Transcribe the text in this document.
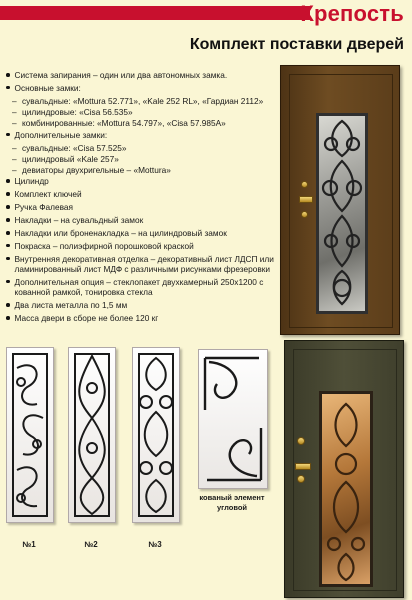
Крепость
Комплект поставки дверей
Система запирания – один или два автономных замка.
Основные замки:
– сувальдные: «Mottura 52.771», «Kale 252 RL», «Гардиан 2112»
– цилиндровые: «Cisa 56.535»
– комбинированные: «Mottura 54.797», «Cisa 57.985A»
Дополнительные замки:
– сувальдные: «Cisa 57.525»
– цилиндровый «Kale 257»
– девиаторы двухригельные – «Mottura»
Цилиндр
Комплект ключей
Ручка Фалевая
Накладки – на сувальдный замок
Накладки или броненакладка – на цилиндровый замок
Покраска – полиэфирной порошковой краской
Внутренняя декоративная отделка – декоративный лист ЛДСП или ламинированный лист МДФ с различными рисунками фрезеровки
Дополнительная опция – стеклопакет двухкамерный 250х1200 с кованной рамкой, тонировка стекла
Два листа металла по 1,5 мм
Масса двери в сборе не более 120 кг
№1	№2	№3
кованый элемент угловой
